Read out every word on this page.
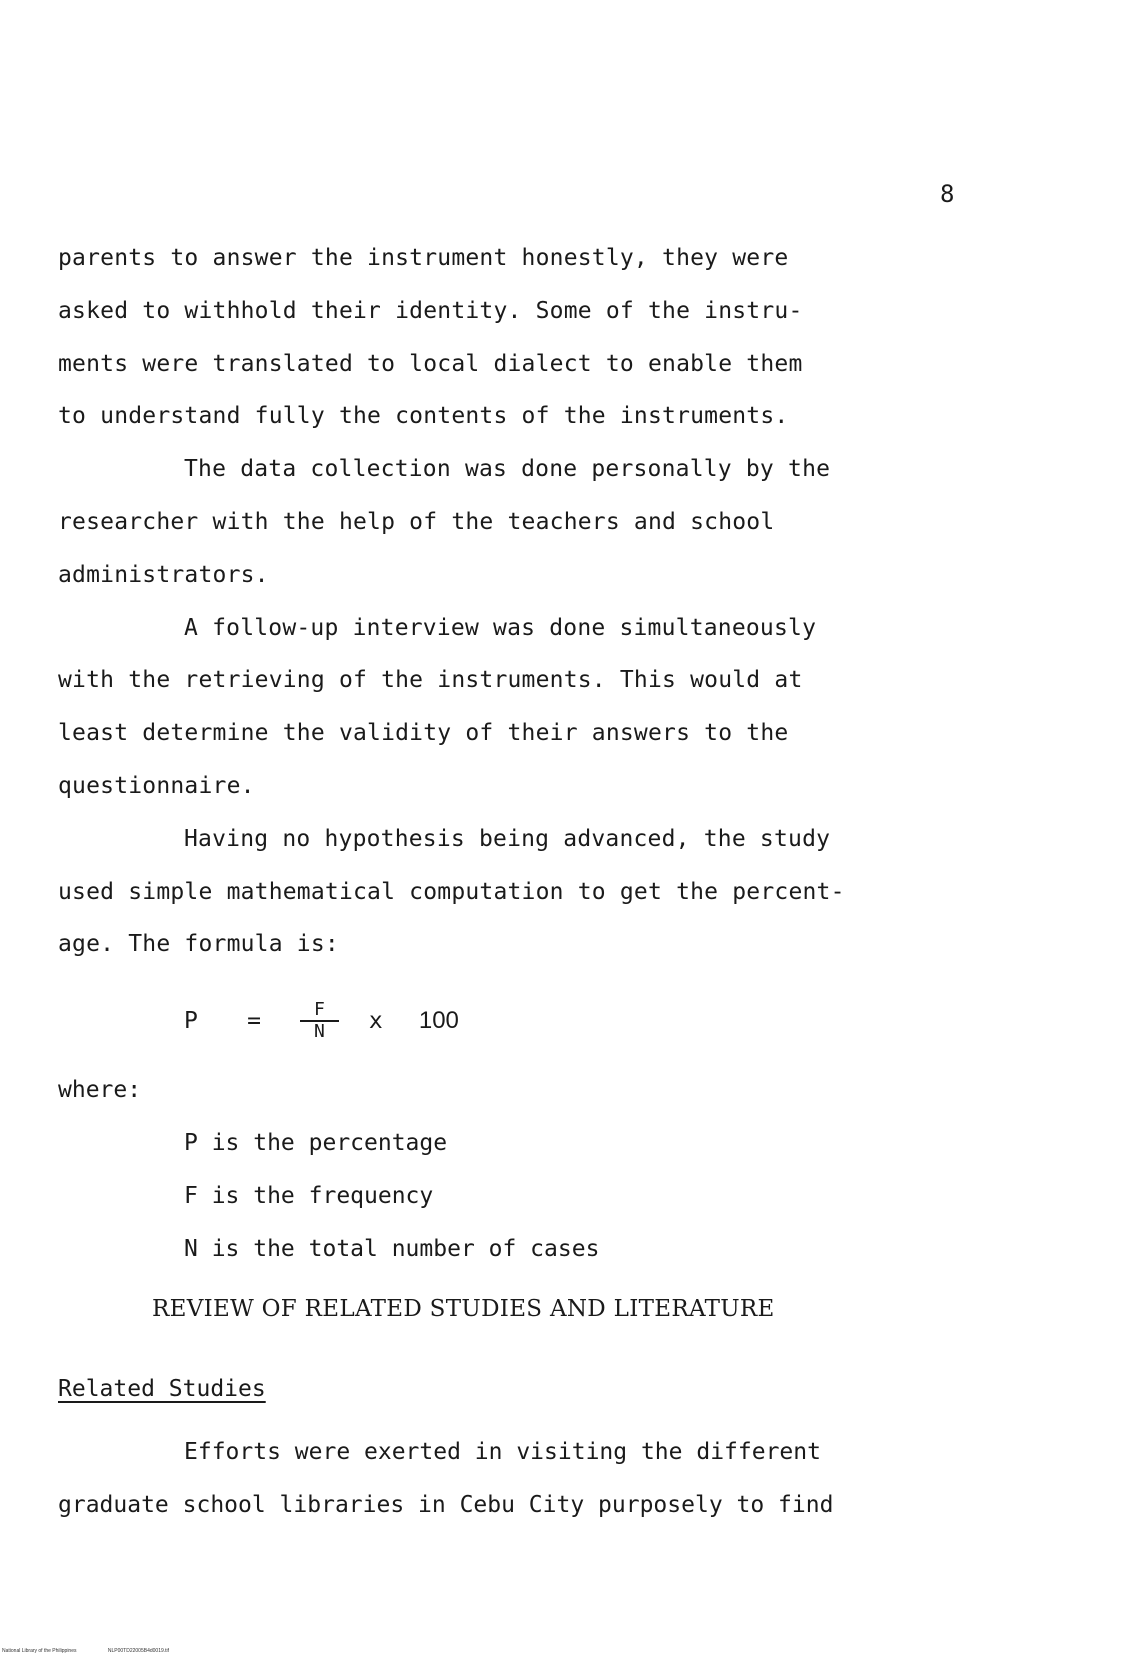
8
parents to answer the instrument honestly, they were
asked to withhold their identity. Some of the instru-
ments were translated to local dialect to enable them
to understand fully the contents of the instruments.
The data collection was done personally by the
researcher with the help of the teachers and school
administrators.
A follow-up interview was done simultaneously
with the retrieving of the instruments. This would at
least determine the validity of their answers to the
questionnaire.
Having no hypothesis being advanced, the study
used simple mathematical computation to get the percent-
age. The formula is:
P	=	$\frac{F}{N}$ x	100
where:
P is the percentage
F is the frequency
N is the total number of cases
REVIEW OF RELATED STUDIES AND LITERATURE
Related Studies
Efforts were exerted in visiting the different
graduate school libraries in Cebu City purposely to find
National Library of the Philippines	NLP00TD22005B4d0019.tif
